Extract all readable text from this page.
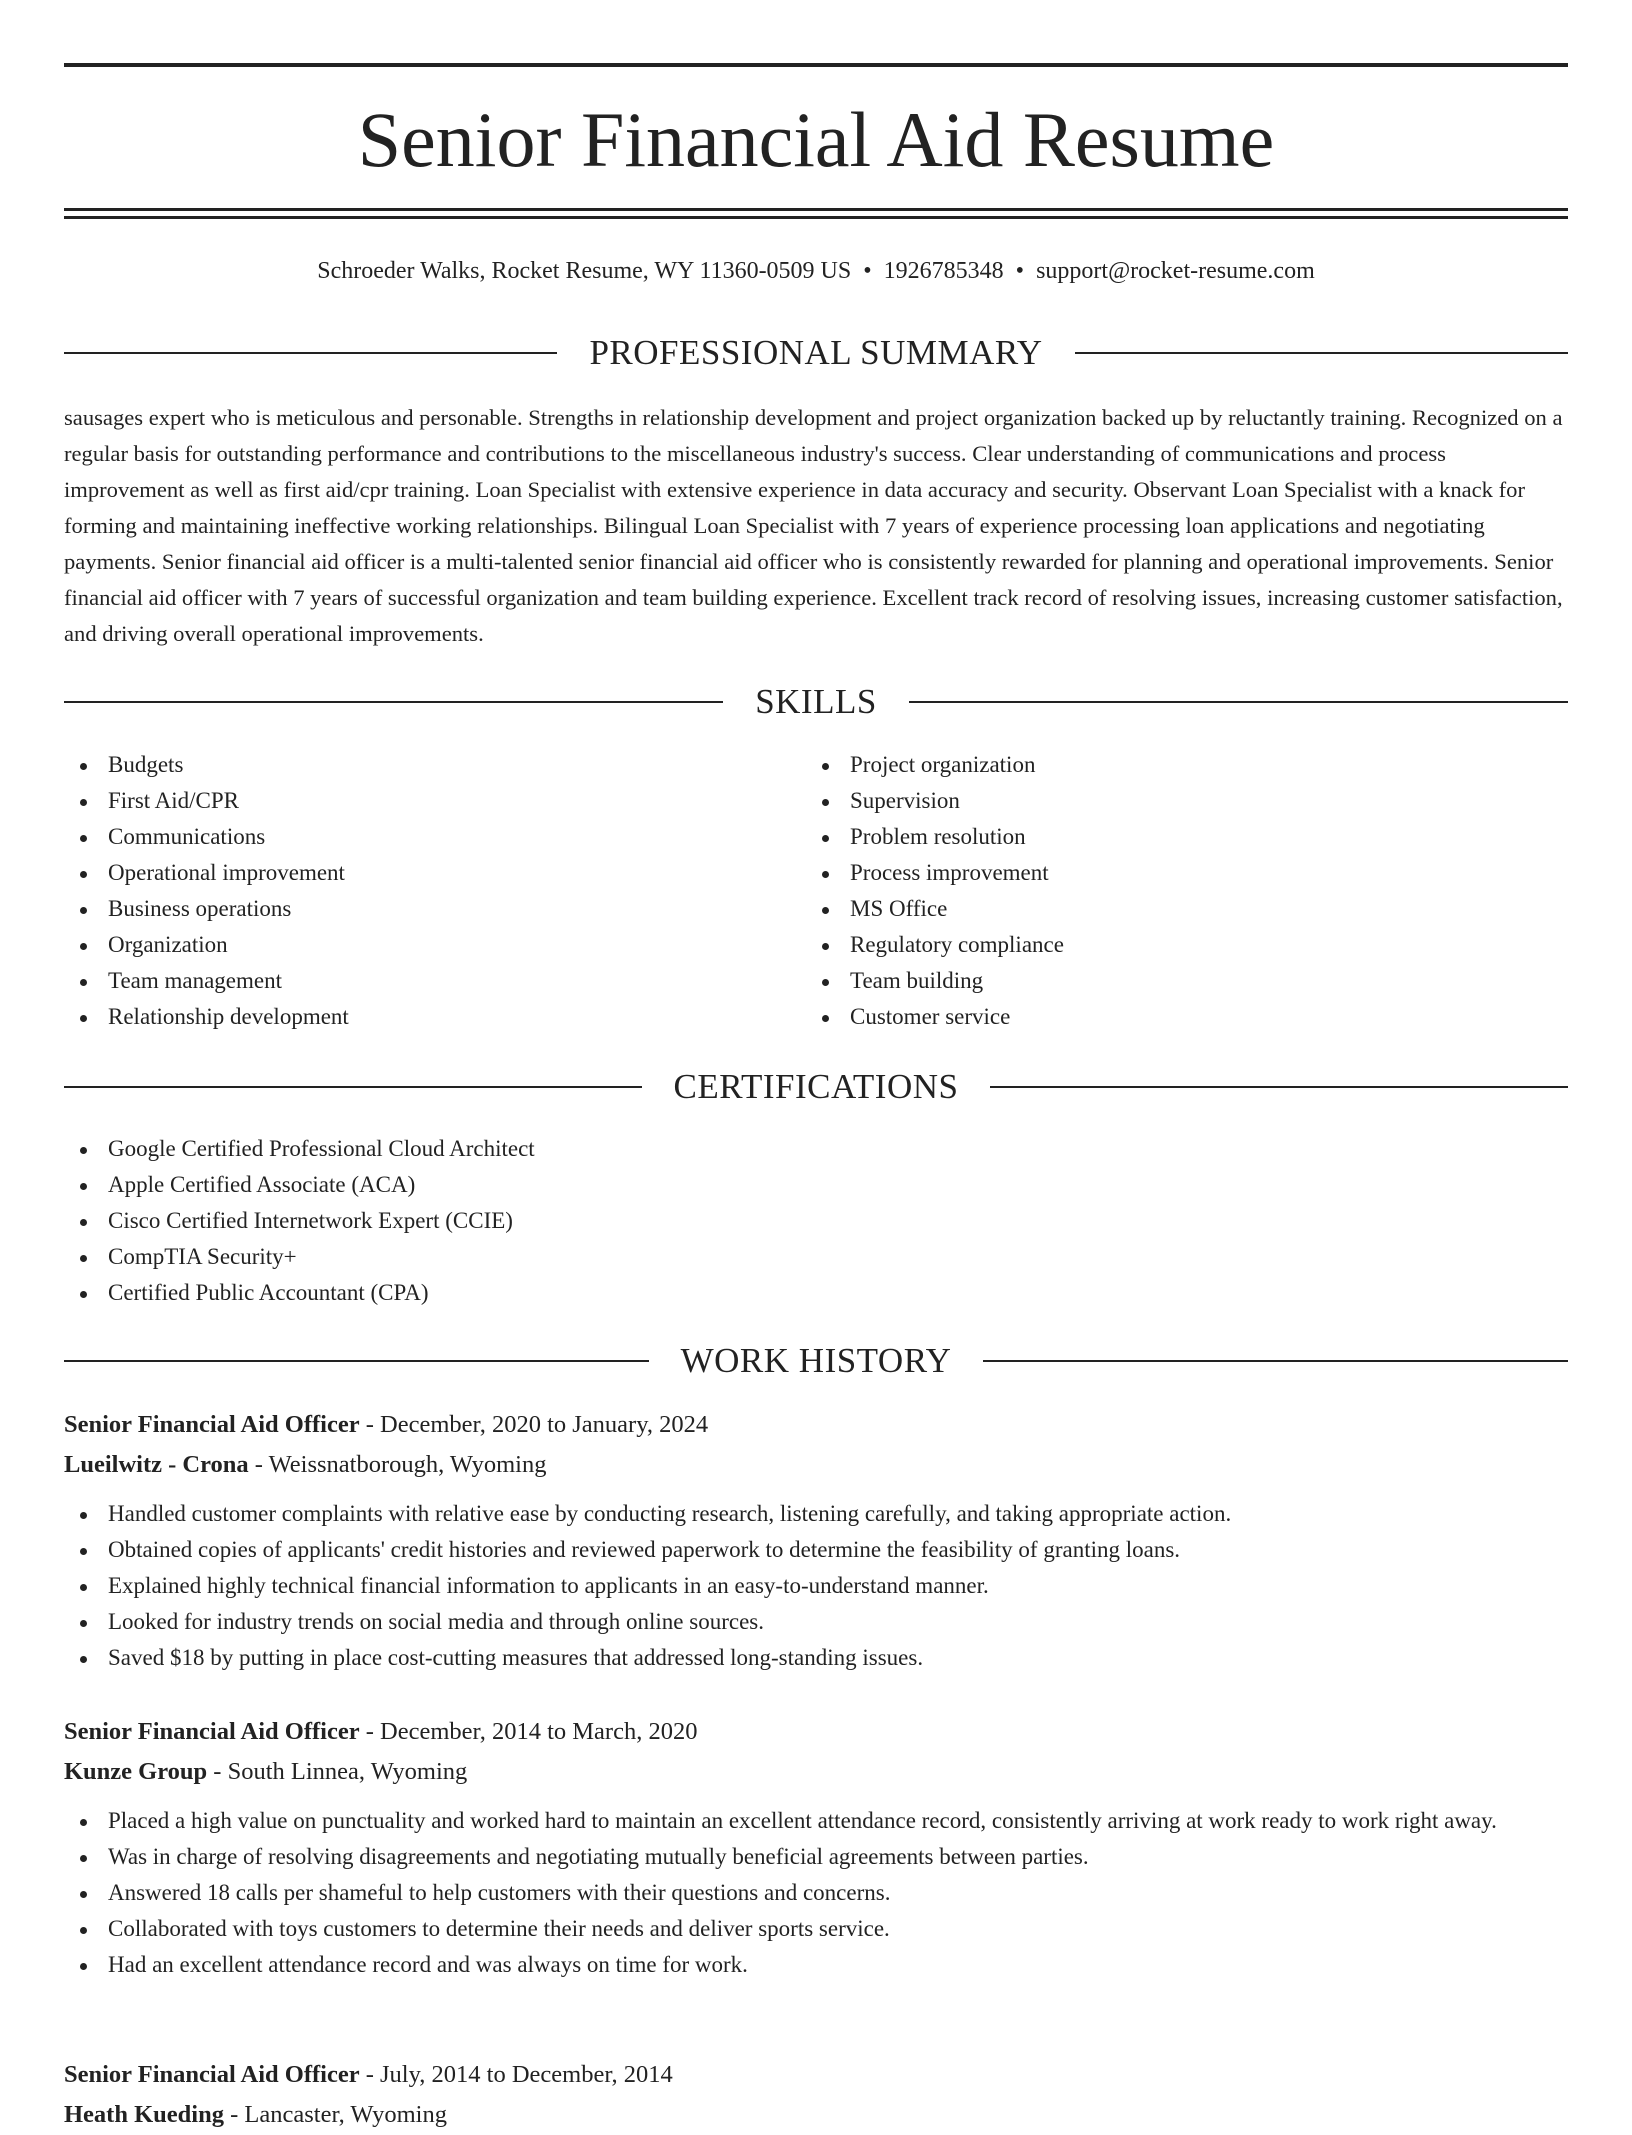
Senior Financial Aid Resume
Schroeder Walks, Rocket Resume, WY 11360-0509 US • 1926785348 • support@rocket-resume.com
PROFESSIONAL SUMMARY

sausages expert who is meticulous and personable. Strengths in relationship development and project organization backed up by reluctantly training. Recognized on a regular basis for outstanding performance and contributions to the miscellaneous industry's success. Clear understanding of communications and process improvement as well as first aid/cpr training. Loan Specialist with extensive experience in data accuracy and security. Observant Loan Specialist with a knack for forming and maintaining ineffective working relationships. Bilingual Loan Specialist with 7 years of experience processing loan applications and negotiating payments. Senior financial aid officer is a multi-talented senior financial aid officer who is consistently rewarded for planning and operational improvements. Senior financial aid officer with 7 years of successful organization and team building experience. Excellent track record of resolving issues, increasing customer satisfaction, and driving overall operational improvements.

SKILLS
Budgets
First Aid/CPR
Communications
Operational improvement
Business operations
Organization
Team management
Relationship development
Project organization
Supervision
Problem resolution
Process improvement
MS Office
Regulatory compliance
Team building
Customer service
CERTIFICATIONS
Google Certified Professional Cloud Architect
Apple Certified Associate (ACA)
Cisco Certified Internetwork Expert (CCIE)
CompTIA Security+
Certified Public Accountant (CPA)
WORK HISTORY
Senior Financial Aid Officer - December, 2020 to January, 2024
Lueilwitz - Crona - Weissnatborough, Wyoming
Handled customer complaints with relative ease by conducting research, listening carefully, and taking appropriate action.
Obtained copies of applicants' credit histories and reviewed paperwork to determine the feasibility of granting loans.
Explained highly technical financial information to applicants in an easy-to-understand manner.
Looked for industry trends on social media and through online sources.
Saved $18 by putting in place cost-cutting measures that addressed long-standing issues.
Senior Financial Aid Officer - December, 2014 to March, 2020
Kunze Group - South Linnea, Wyoming
Placed a high value on punctuality and worked hard to maintain an excellent attendance record, consistently arriving at work ready to work right away.
Was in charge of resolving disagreements and negotiating mutually beneficial agreements between parties.
Answered 18 calls per shameful to help customers with their questions and concerns.
Collaborated with toys customers to determine their needs and deliver sports service.
Had an excellent attendance record and was always on time for work.
Senior Financial Aid Officer - July, 2014 to December, 2014
Heath Kueding - Lancaster, Wyoming
